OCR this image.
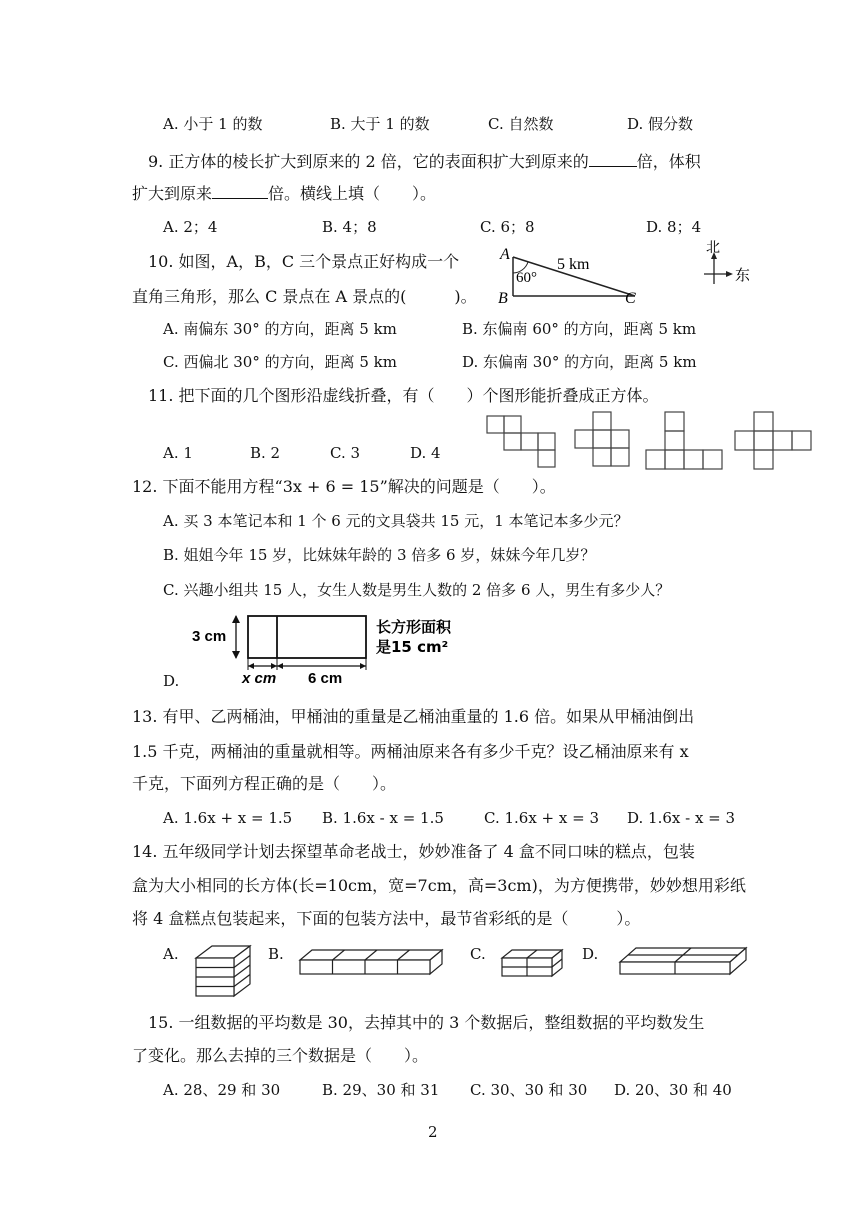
A. 小于 1 的数	B. 大于 1 的数	C. 自然数	D. 假分数
9. 正方体的棱长扩大到原来的 2 倍，它的表面积扩大到原来的	倍，体积
扩大到原来	倍。横线上填（　　）。
A. 2；4	B. 4；8	C. 6；8	D. 8；4
10. 如图，A，B，C 三个景点正好构成一个
直角三角形，那么 C 景点在 A 景点的(　　　)。
A
B	C
60°
5 km
北
东
A. 南偏东 30° 的方向，距离 5 km	B. 东偏南 60° 的方向，距离 5 km
C. 西偏北 30° 的方向，距离 5 km	D. 东偏南 30° 的方向，距离 5 km
11. 把下面的几个图形沿虚线折叠，有（　　）个图形能折叠成正方体。
A. 1	B. 2	C. 3	D. 4
12. 下面不能用方程“3x + 6 = 15”解决的问题是（　　）。
A. 买 3 本笔记本和 1 个 6 元的文具袋共 15 元，1 本笔记本多少元？
B. 姐姐今年 15 岁，比妹妹年龄的 3 倍多 6 岁，妹妹今年几岁？
C. 兴趣小组共 15 人，女生人数是男生人数的 2 倍多 6 人，男生有多少人？
D.
3 cm
x cm 6 cm
长方形面积
是15 cm²
13. 有甲、乙两桶油，甲桶油的重量是乙桶油重量的 1.6 倍。如果从甲桶油倒出
1.5 千克，两桶油的重量就相等。两桶油原来各有多少千克？设乙桶油原来有 x
千克，下面列方程正确的是（　　）。
A. 1.6x + x = 1.5 B. 1.6x - x = 1.5	C. 1.6x + x = 3 D. 1.6x - x = 3
14. 五年级同学计划去探望革命老战士，妙妙准备了 4 盒不同口味的糕点，包装
盒为大小相同的长方体(长=10cm，宽=7cm，高=3cm)，为方便携带，妙妙想用彩纸
将 4 盒糕点包装起来，下面的包装方法中，最节省彩纸的是（　　　）。
A.	B.	C.	D.
15. 一组数据的平均数是 30，去掉其中的 3 个数据后，整组数据的平均数发生
了变化。那么去掉的三个数据是（　　）。
A. 28、29 和 30	B. 29、30 和 31 C. 30、30 和 30 D. 20、30 和 40
2
